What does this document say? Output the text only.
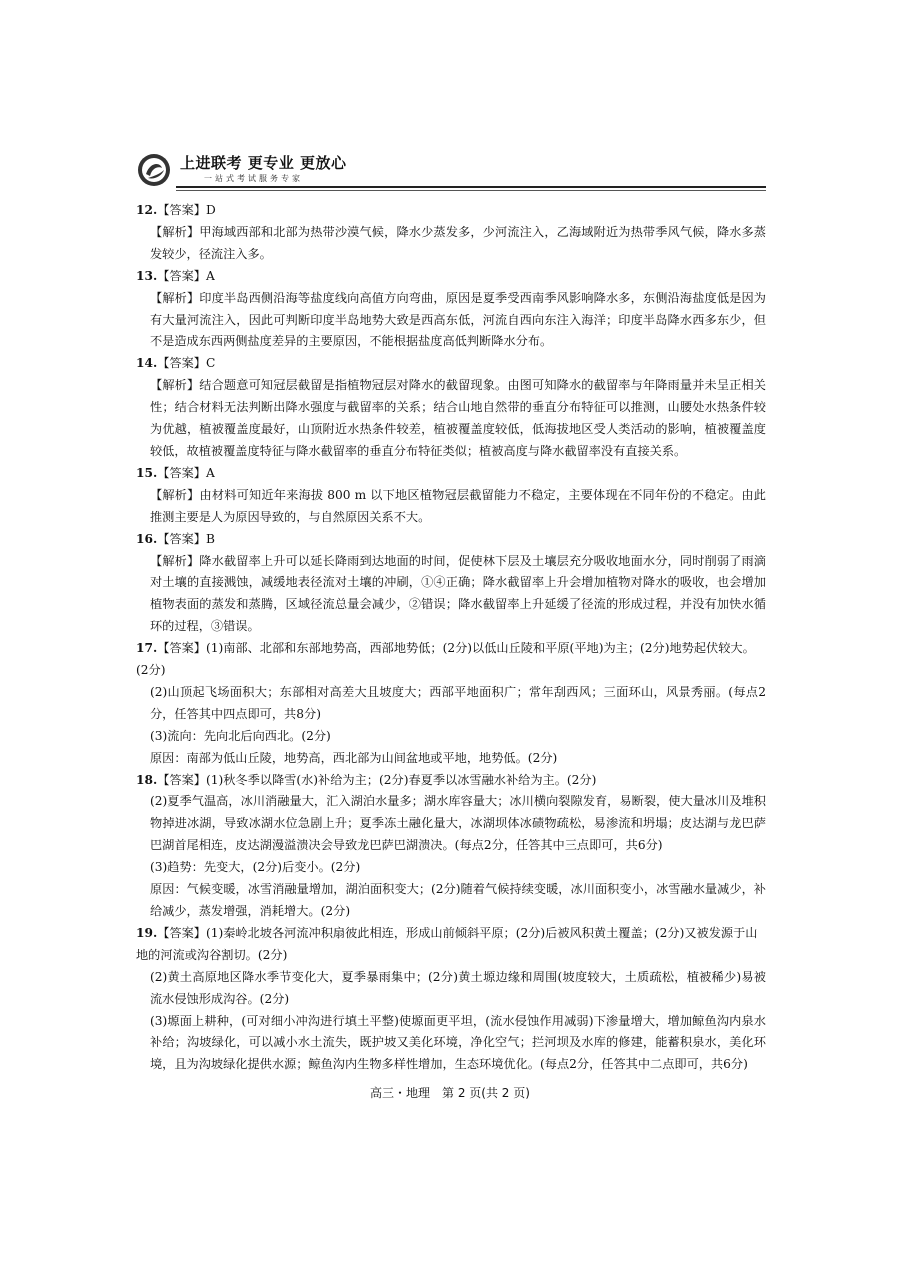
上进联考 更专业 更放心
一站式考试服务专家
12.【答案】D
【解析】甲海域西部和北部为热带沙漠气候，降水少蒸发多，少河流注入，乙海域附近为热带季风气候，降水多蒸发较少，径流注入多。
13.【答案】A
【解析】印度半岛西侧沿海等盐度线向高值方向弯曲，原因是夏季受西南季风影响降水多，东侧沿海盐度低是因为有大量河流注入，因此可判断印度半岛地势大致是西高东低，河流自西向东注入海洋；印度半岛降水西多东少，但不是造成东西两侧盐度差异的主要原因，不能根据盐度高低判断降水分布。
14.【答案】C
【解析】结合题意可知冠层截留是指植物冠层对降水的截留现象。由图可知降水的截留率与年降雨量并未呈正相关性；结合材料无法判断出降水强度与截留率的关系；结合山地自然带的垂直分布特征可以推测，山腰处水热条件较为优越，植被覆盖度最好，山顶附近水热条件较差，植被覆盖度较低，低海拔地区受人类活动的影响，植被覆盖度较低，故植被覆盖度特征与降水截留率的垂直分布特征类似；植被高度与降水截留率没有直接关系。
15.【答案】A
【解析】由材料可知近年来海拔 800 m 以下地区植物冠层截留能力不稳定，主要体现在不同年份的不稳定。由此推测主要是人为原因导致的，与自然原因关系不大。
16.【答案】B
【解析】降水截留率上升可以延长降雨到达地面的时间，促使林下层及土壤层充分吸收地面水分，同时削弱了雨滴对土壤的直接溅蚀，减缓地表径流对土壤的冲刷，①④正确；降水截留率上升会增加植物对降水的吸收，也会增加植物表面的蒸发和蒸腾，区域径流总量会减少，②错误；降水截留率上升延缓了径流的形成过程，并没有加快水循环的过程，③错误。
17.【答案】(1)南部、北部和东部地势高，西部地势低；(2分)以低山丘陵和平原(平地)为主；(2分)地势起伏较大。(2分)
(2)山顶起飞场面积大；东部相对高差大且坡度大；西部平地面积广；常年刮西风；三面环山，风景秀丽。(每点2分，任答其中四点即可，共8分)
(3)流向：先向北后向西北。(2分)
原因：南部为低山丘陵，地势高，西北部为山间盆地或平地，地势低。(2分)
18.【答案】(1)秋冬季以降雪(水)补给为主；(2分)春夏季以冰雪融水补给为主。(2分)
(2)夏季气温高，冰川消融量大，汇入湖泊水量多；湖水库容量大；冰川横向裂隙发育，易断裂，使大量冰川及堆积物掉进冰湖，导致冰湖水位急剧上升；夏季冻土融化量大，冰湖坝体冰碛物疏松，易渗流和坍塌；皮达湖与龙巴萨巴湖首尾相连，皮达湖漫溢溃决会导致龙巴萨巴湖溃决。(每点2分，任答其中三点即可，共6分)
(3)趋势：先变大，(2分)后变小。(2分)
原因：气候变暖，冰雪消融量增加，湖泊面积变大；(2分)随着气候持续变暖，冰川面积变小，冰雪融水量减少，补给减少，蒸发增强，消耗增大。(2分)
19.【答案】(1)秦岭北坡各河流冲积扇彼此相连，形成山前倾斜平原；(2分)后被风积黄土覆盖；(2分)又被发源于山地的河流或沟谷割切。(2分)
(2)黄土高原地区降水季节变化大，夏季暴雨集中；(2分)黄土塬边缘和周围(坡度较大，土质疏松，植被稀少)易被流水侵蚀形成沟谷。(2分)
(3)塬面上耕种，(可对细小冲沟进行填土平整)使塬面更平坦，(流水侵蚀作用减弱)下渗量增大，增加鲸鱼沟内泉水补给；沟坡绿化，可以减小水土流失，既护坡又美化环境，净化空气；拦河坝及水库的修建，能蓄积泉水，美化环境，且为沟坡绿化提供水源；鲸鱼沟内生物多样性增加，生态环境优化。(每点2分，任答其中二点即可，共6分)
高三・地理　第 2 页(共 2 页)
